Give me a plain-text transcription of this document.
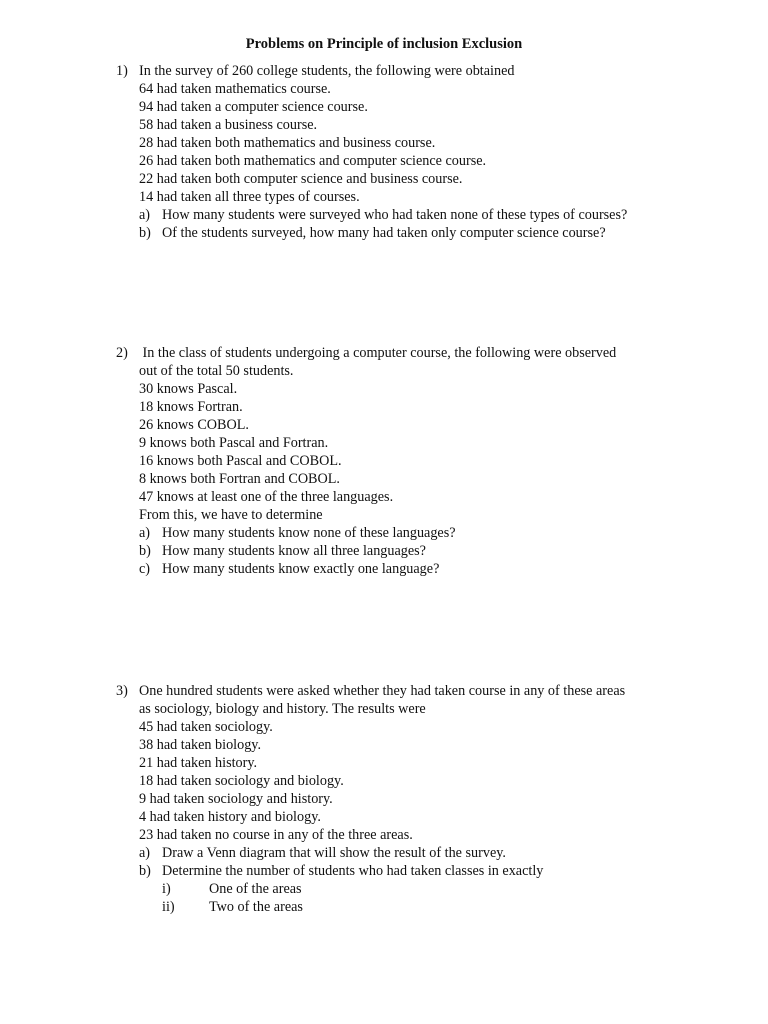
Problems on Principle of inclusion Exclusion
1) In the survey of 260 college students, the following were obtained
64 had taken mathematics course.
94 had taken a computer science course.
58 had taken a business course.
28 had taken both mathematics and business course.
26 had taken both mathematics and computer science course.
22 had taken both computer science and business course.
14 had taken all three types of courses.
a) How many students were surveyed who had taken none of these types of courses?
b) Of the students surveyed, how many had taken only computer science course?
2) In the class of students undergoing a computer course, the following were observed
out of the total 50 students.
30 knows Pascal.
18 knows Fortran.
26 knows COBOL.
9 knows both Pascal and Fortran.
16 knows both Pascal and COBOL.
8 knows both Fortran and COBOL.
47 knows at least one of the three languages.
From this, we have to determine
a) How many students know none of these languages?
b) How many students know all three languages?
c) How many students know exactly one language?
3) One hundred students were asked whether they had taken course in any of these areas
as sociology, biology and history. The results were
45 had taken sociology.
38 had taken biology.
21 had taken history.
18 had taken sociology and biology.
9 had taken sociology and history.
4 had taken history and biology.
23 had taken no course in any of the three areas.
a) Draw a Venn diagram that will show the result of the survey.
b) Determine the number of students who had taken classes in exactly
i)	One of the areas
ii) Two of the areas
